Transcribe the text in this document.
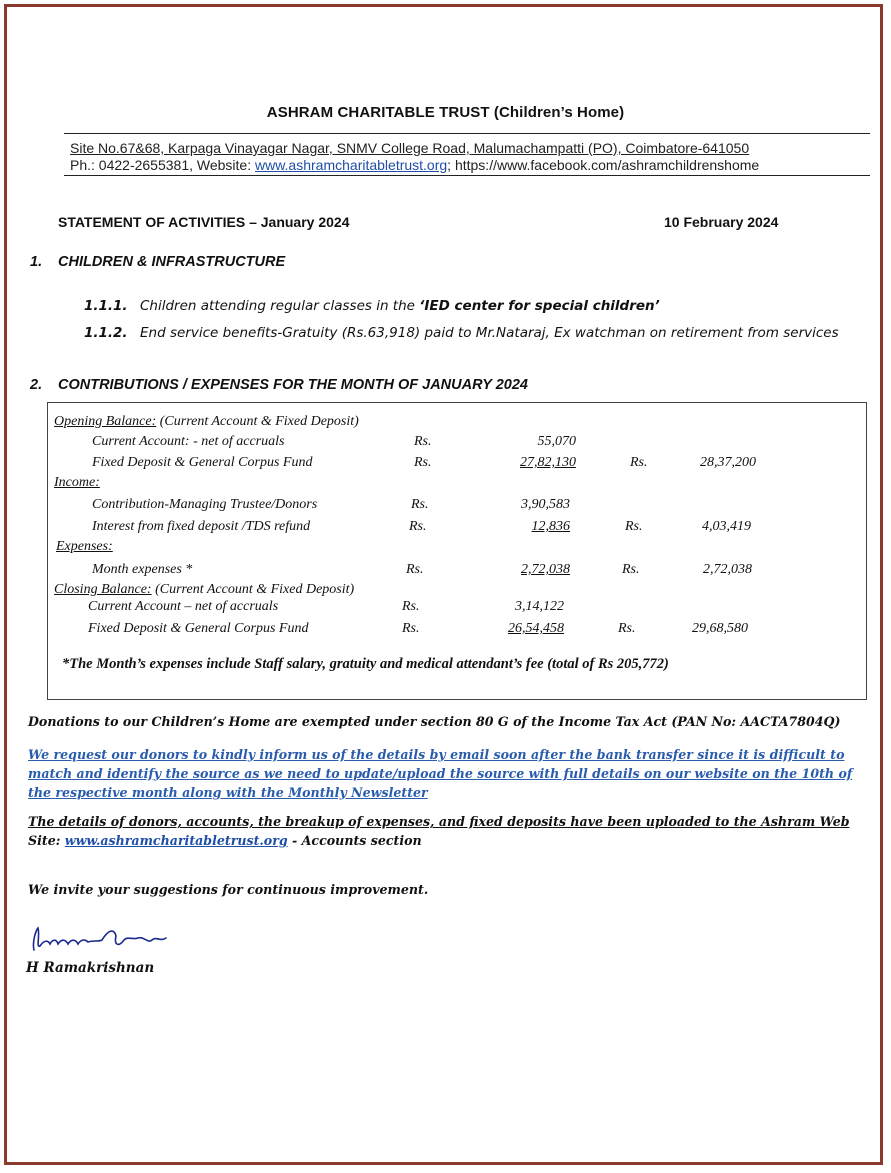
ASHRAM CHARITABLE TRUST (Children’s Home)
Site No.67&68, Karpaga Vinayagar Nagar, SNMV College Road, Malumachampatti (PO), Coimbatore-641050
Ph.: 0422-2655381, Website: www.ashramcharitabletrust.org; https://www.facebook.com/ashramchildrenshome
STATEMENT OF ACTIVITIES – January 2024	10 February 2024
1. CHILDREN & INFRASTRUCTURE
1.1.1. Children attending regular classes in the ‘IED center for special children’
1.1.2. End service benefits-Gratuity (Rs.63,918) paid to Mr.Nataraj, Ex watchman on retirement from services
2. CONTRIBUTIONS / EXPENSES FOR THE MONTH OF JANUARY 2024
Opening Balance: (Current Account & Fixed Deposit)
Current Account: - net of accruals	Rs.	55,070
Fixed Deposit & General Corpus Fund	Rs.	27,82,130	Rs.	28,37,200
Income:
Contribution-Managing Trustee/Donors	Rs.	3,90,583
Interest from fixed deposit /TDS refund	Rs.	12,836	Rs.	4,03,419
Expenses:
Month expenses *	Rs.	2,72,038	Rs.	2,72,038
Closing Balance: (Current Account & Fixed Deposit)
Current Account – net of accruals	Rs.	3,14,122
Fixed Deposit & General Corpus Fund	Rs.	26,54,458	Rs.	29,68,580
*The Month’s expenses include Staff salary, gratuity and medical attendant’s fee (total of Rs 205,772)
Donations to our Children’s Home are exempted under section 80 G of the Income Tax Act (PAN No: AACTA7804Q)
We request our donors to kindly inform us of the details by email soon after the bank transfer since it is difficult to match and identify the source as we need to update/upload the source with full details on our website on the 10th of the respective month along with the Monthly Newsletter
The details of donors, accounts, the breakup of expenses, and fixed deposits have been uploaded to the Ashram Web
Site: www.ashramcharitabletrust.org - Accounts section
We invite your suggestions for continuous improvement.
H Ramakrishnan
